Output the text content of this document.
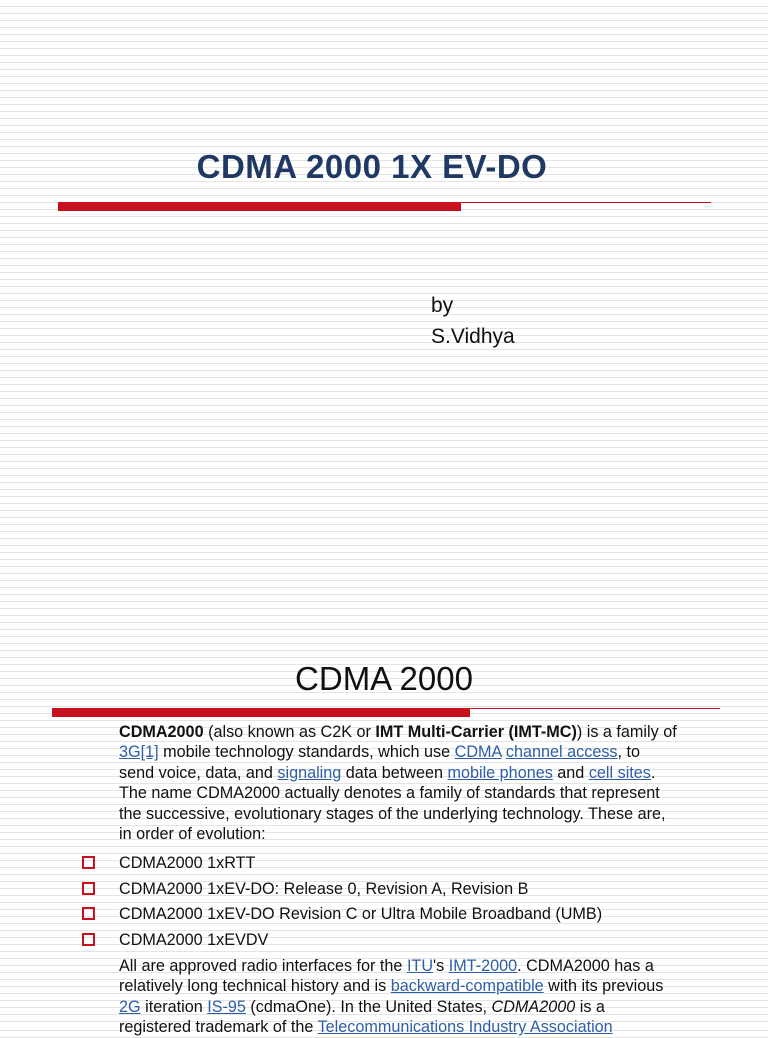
CDMA 2000 1X EV-DO
by
S.Vidhya
CDMA 2000
CDMA2000 (also known as C2K or IMT Multi-Carrier (IMT-MC)) is a family of 3G[1] mobile technology standards, which use CDMA channel access, to send voice, data, and signaling data between mobile phones and cell sites. The name CDMA2000 actually denotes a family of standards that represent the successive, evolutionary stages of the underlying technology. These are, in order of evolution:
CDMA2000 1xRTT
CDMA2000 1xEV-DO: Release 0, Revision A, Revision B
CDMA2000 1xEV-DO Revision C or Ultra Mobile Broadband (UMB)
CDMA2000 1xEVDV
All are approved radio interfaces for the ITU's IMT-2000. CDMA2000 has a relatively long technical history and is backward-compatible with its previous 2G iteration IS-95 (cdmaOne). In the United States, CDMA2000 is a registered trademark of the Telecommunications Industry Association
